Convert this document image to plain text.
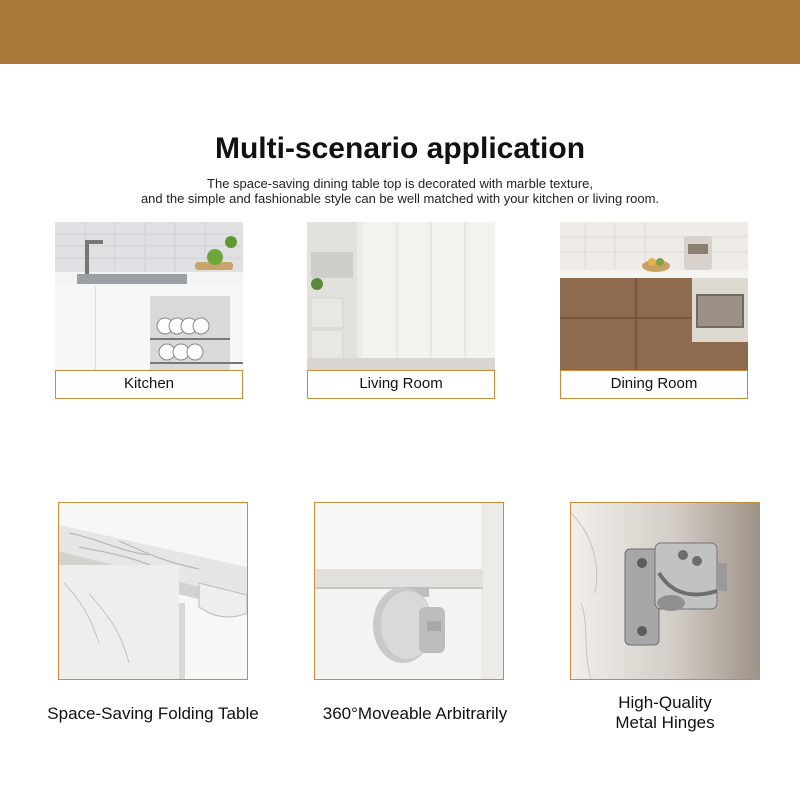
Multi-scenario application
The space-saving dining table top is decorated with marble texture,
and the simple and fashionable style can be well matched with your kitchen or living room.
Kitchen	Living Room	Dining Room
Space-Saving Folding Table	360°Moveable Arbitrarily
High-Quality
Metal Hinges
